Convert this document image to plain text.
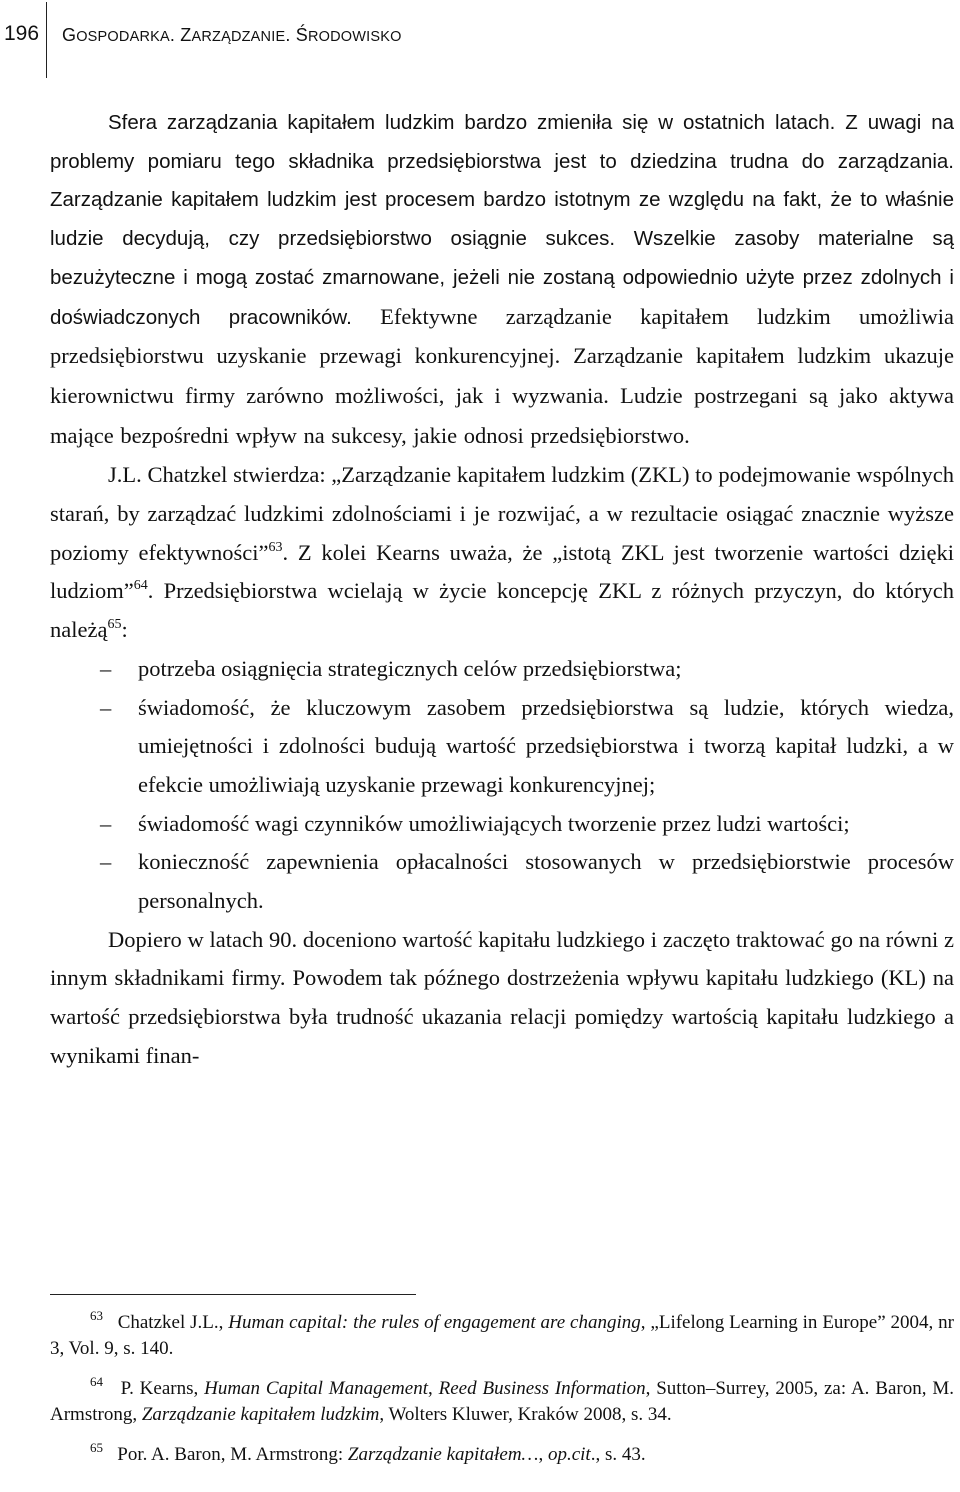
196 GOSPODARKA. ZARZĄDZANIE. ŚRODOWISKO

Sfera zarządzania kapitałem ludzkim bardzo zmieniła się w ostatnich latach. Z uwagi na problemy pomiaru tego składnika przedsiębiorstwa jest to dziedzina trudna do zarządzania. Zarządzanie kapitałem ludzkim jest procesem bardzo istotnym ze względu na fakt, że to właśnie ludzie decydują, czy przedsiębiorstwo osiągnie sukces. Wszelkie zasoby materialne są bezużyteczne i mogą zostać zmarnowane, jeżeli nie zostaną odpowiednio użyte przez zdolnych i doświadczonych pracowników. Efektywne zarządzanie kapitałem ludzkim umożliwia przedsiębiorstwu uzyskanie przewagi konkurencyjnej. Zarządzanie kapitałem ludzkim ukazuje kierownictwu firmy zarówno możliwości, jak i wyzwania. Ludzie postrzegani są jako aktywa mające bezpośredni wpływ na sukcesy, jakie odnosi przedsiębiorstwo.

J.L. Chatzkel stwierdza: „Zarządzanie kapitałem ludzkim (ZKL) to podejmowanie wspólnych starań, by zarządzać ludzkimi zdolnościami i je rozwijać, a w rezultacie osiągać znacznie wyższe poziomy efektywności”$^{63}$. Z kolei Kearns uważa, że „istotą ZKL jest tworzenie wartości dzięki ludziom”$^{64}$. Przedsiębiorstwa wcielają w życie koncepcję ZKL z różnych przyczyn, do których należą$^{65}$:

– potrzeba osiągnięcia strategicznych celów przedsiębiorstwa;
– świadomość, że kluczowym zasobem przedsiębiorstwa są ludzie, których wiedza, umiejętności i zdolności budują wartość przedsiębiorstwa i tworzą kapitał ludzki, a w efekcie umożliwiają uzyskanie przewagi konkurencyjnej;
– świadomość wagi czynników umożliwiających tworzenie przez ludzi wartości;
– konieczność zapewnienia opłacalności stosowanych w przedsiębiorstwie procesów personalnych.

Dopiero w latach 90. doceniono wartość kapitału ludzkiego i zaczęto traktować go na równi z innym składnikami firmy. Powodem tak późnego dostrzeżenia wpływu kapitału ludzkiego (KL) na wartość przedsiębiorstwa była trudność ukazania relacji pomiędzy wartością kapitału ludzkiego a wynikami finan-

$^{63}$ Chatzkel J.L., Human capital: the rules of engagement are changing, „Lifelong Learning in Europe” 2004, nr 3, Vol. 9, s. 140.

$^{64}$ P. Kearns, Human Capital Management, Reed Business Information, Sutton–Surrey, 2005, za: A. Baron, M. Armstrong, Zarządzanie kapitałem ludzkim, Wolters Kluwer, Kraków 2008, s. 34.

$^{65}$ Por. A. Baron, M. Armstrong: Zarządzanie kapitałem…, op.cit., s. 43.
